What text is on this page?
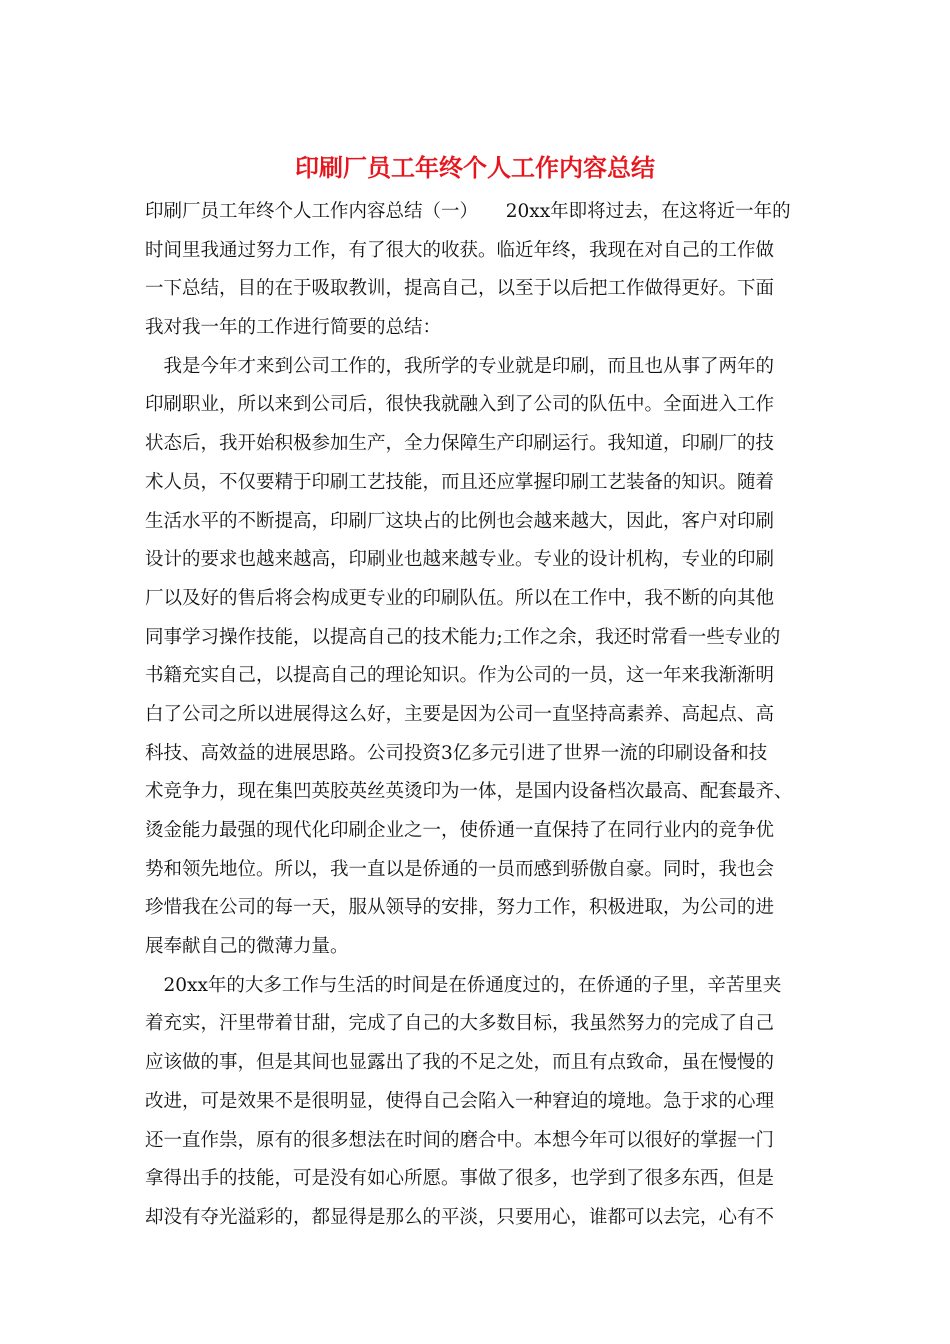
印刷厂员工年终个人工作内容总结
印刷厂员工年终个人工作内容总结（一）　　20xx年即将过去，在这将近一年的
时间里我通过努力工作，有了很大的收获。临近年终，我现在对自己的工作做
一下总结，目的在于吸取教训，提高自己，以至于以后把工作做得更好。下面
我对我一年的工作进行简要的总结：
　我是今年才来到公司工作的，我所学的专业就是印刷，而且也从事了两年的
印刷职业，所以来到公司后，很快我就融入到了公司的队伍中。全面进入工作
状态后，我开始积极参加生产，全力保障生产印刷运行。我知道，印刷厂的技
术人员，不仅要精于印刷工艺技能，而且还应掌握印刷工艺装备的知识。随着
生活水平的不断提高，印刷厂这块占的比例也会越来越大，因此，客户对印刷
设计的要求也越来越高，印刷业也越来越专业。专业的设计机构，专业的印刷
厂以及好的售后将会构成更专业的印刷队伍。所以在工作中，我不断的向其他
同事学习操作技能，以提高自己的技术能力;工作之余，我还时常看一些专业的
书籍充实自己，以提高自己的理论知识。作为公司的一员，这一年来我渐渐明
白了公司之所以进展得这么好，主要是因为公司一直坚持高素养、高起点、高
科技、高效益的进展思路。公司投资3亿多元引进了世界一流的印刷设备和技
术竞争力，现在集凹英胶英丝英烫印为一体，是国内设备档次最高、配套最齐、
烫金能力最强的现代化印刷企业之一，使侨通一直保持了在同行业内的竞争优
势和领先地位。所以，我一直以是侨通的一员而感到骄傲自豪。同时，我也会
珍惜我在公司的每一天，服从领导的安排，努力工作，积极进取，为公司的进
展奉献自己的微薄力量。
　20xx年的大多工作与生活的时间是在侨通度过的，在侨通的子里，辛苦里夹
着充实，汗里带着甘甜，完成了自己的大多数目标，我虽然努力的完成了自己
应该做的事，但是其间也显露出了我的不足之处，而且有点致命，虽在慢慢的
改进，可是效果不是很明显，使得自己会陷入一种窘迫的境地。急于求的心理
还一直作祟，原有的很多想法在时间的磨合中。本想今年可以很好的掌握一门
拿得出手的技能，可是没有如心所愿。事做了很多，也学到了很多东西，但是
却没有夺光溢彩的，都显得是那么的平淡，只要用心，谁都可以去完，心有不
